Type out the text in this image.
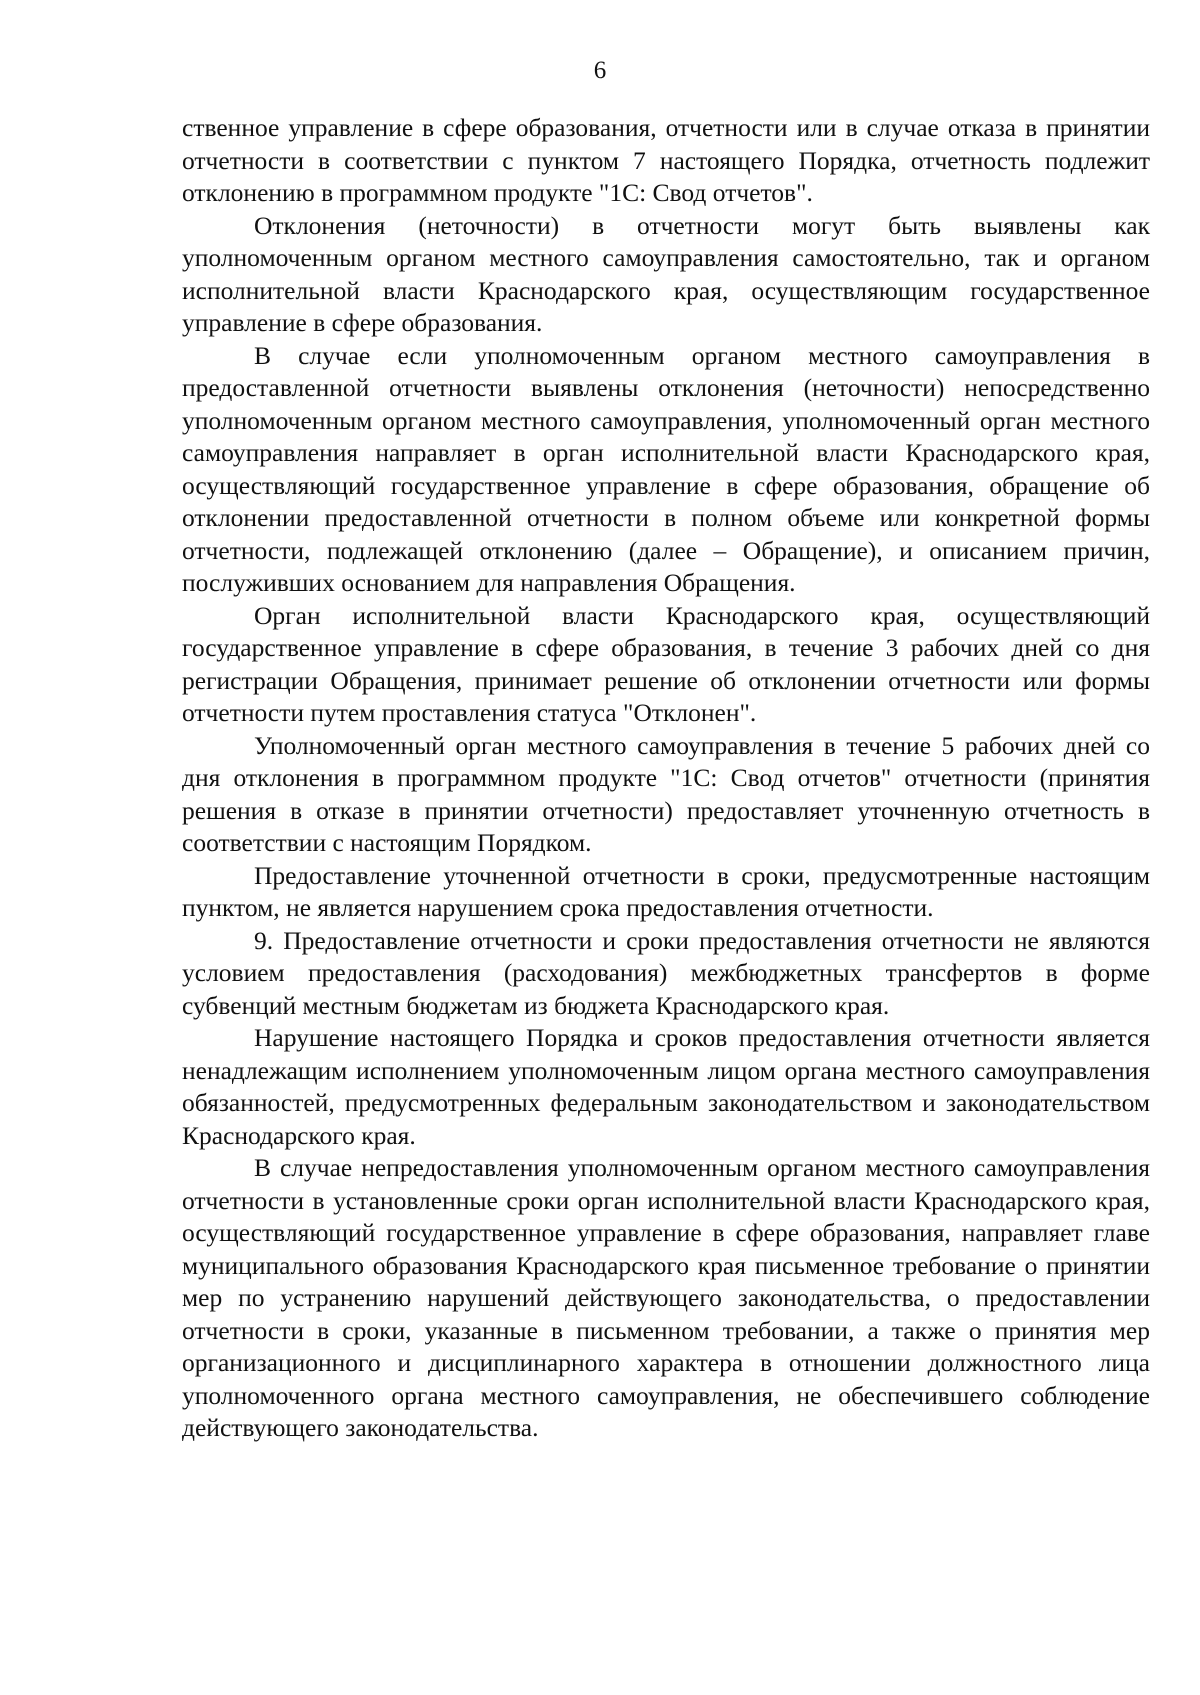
6

ственное управление в сфере образования, отчетности или в случае отказа в принятии отчетности в соответствии с пунктом 7 настоящего Порядка, отчетность подлежит отклонению в программном продукте "1С: Свод отчетов".

Отклонения (неточности) в отчетности могут быть выявлены как уполномоченным органом местного самоуправления самостоятельно, так и органом исполнительной власти Краснодарского края, осуществляющим государственное управление в сфере образования.

В случае если уполномоченным органом местного самоуправления в предоставленной отчетности выявлены отклонения (неточности) непосредственно уполномоченным органом местного самоуправления, уполномоченный орган местного самоуправления направляет в орган исполнительной власти Краснодарского края, осуществляющий государственное управление в сфере образования, обращение об отклонении предоставленной отчетности в полном объеме или конкретной формы отчетности, подлежащей отклонению (далее – Обращение), и описанием причин, послуживших основанием для направления Обращения.

Орган исполнительной власти Краснодарского края, осуществляющий государственное управление в сфере образования, в течение 3 рабочих дней со дня регистрации Обращения, принимает решение об отклонении отчетности или формы отчетности путем проставления статуса "Отклонен".

Уполномоченный орган местного самоуправления в течение 5 рабочих дней со дня отклонения в программном продукте "1С: Свод отчетов" отчетности (принятия решения в отказе в принятии отчетности) предоставляет уточненную отчетность в соответствии с настоящим Порядком.

Предоставление уточненной отчетности в сроки, предусмотренные настоящим пунктом, не является нарушением срока предоставления отчетности.

9. Предоставление отчетности и сроки предоставления отчетности не являются условием предоставления (расходования) межбюджетных трансфертов в форме субвенций местным бюджетам из бюджета Краснодарского края.

Нарушение настоящего Порядка и сроков предоставления отчетности является ненадлежащим исполнением уполномоченным лицом органа местного самоуправления обязанностей, предусмотренных федеральным законодательством и законодательством Краснодарского края.

В случае непредоставления уполномоченным органом местного самоуправления отчетности в установленные сроки орган исполнительной власти Краснодарского края, осуществляющий государственное управление в сфере образования, направляет главе муниципального образования Краснодарского края письменное требование о принятии мер по устранению нарушений действующего законодательства, о предоставлении отчетности в сроки, указанные в письменном требовании, а также о принятия мер организационного и дисциплинарного характера в отношении должностного лица уполномоченного органа местного самоуправления, не обеспечившего соблюдение действующего законодательства.
